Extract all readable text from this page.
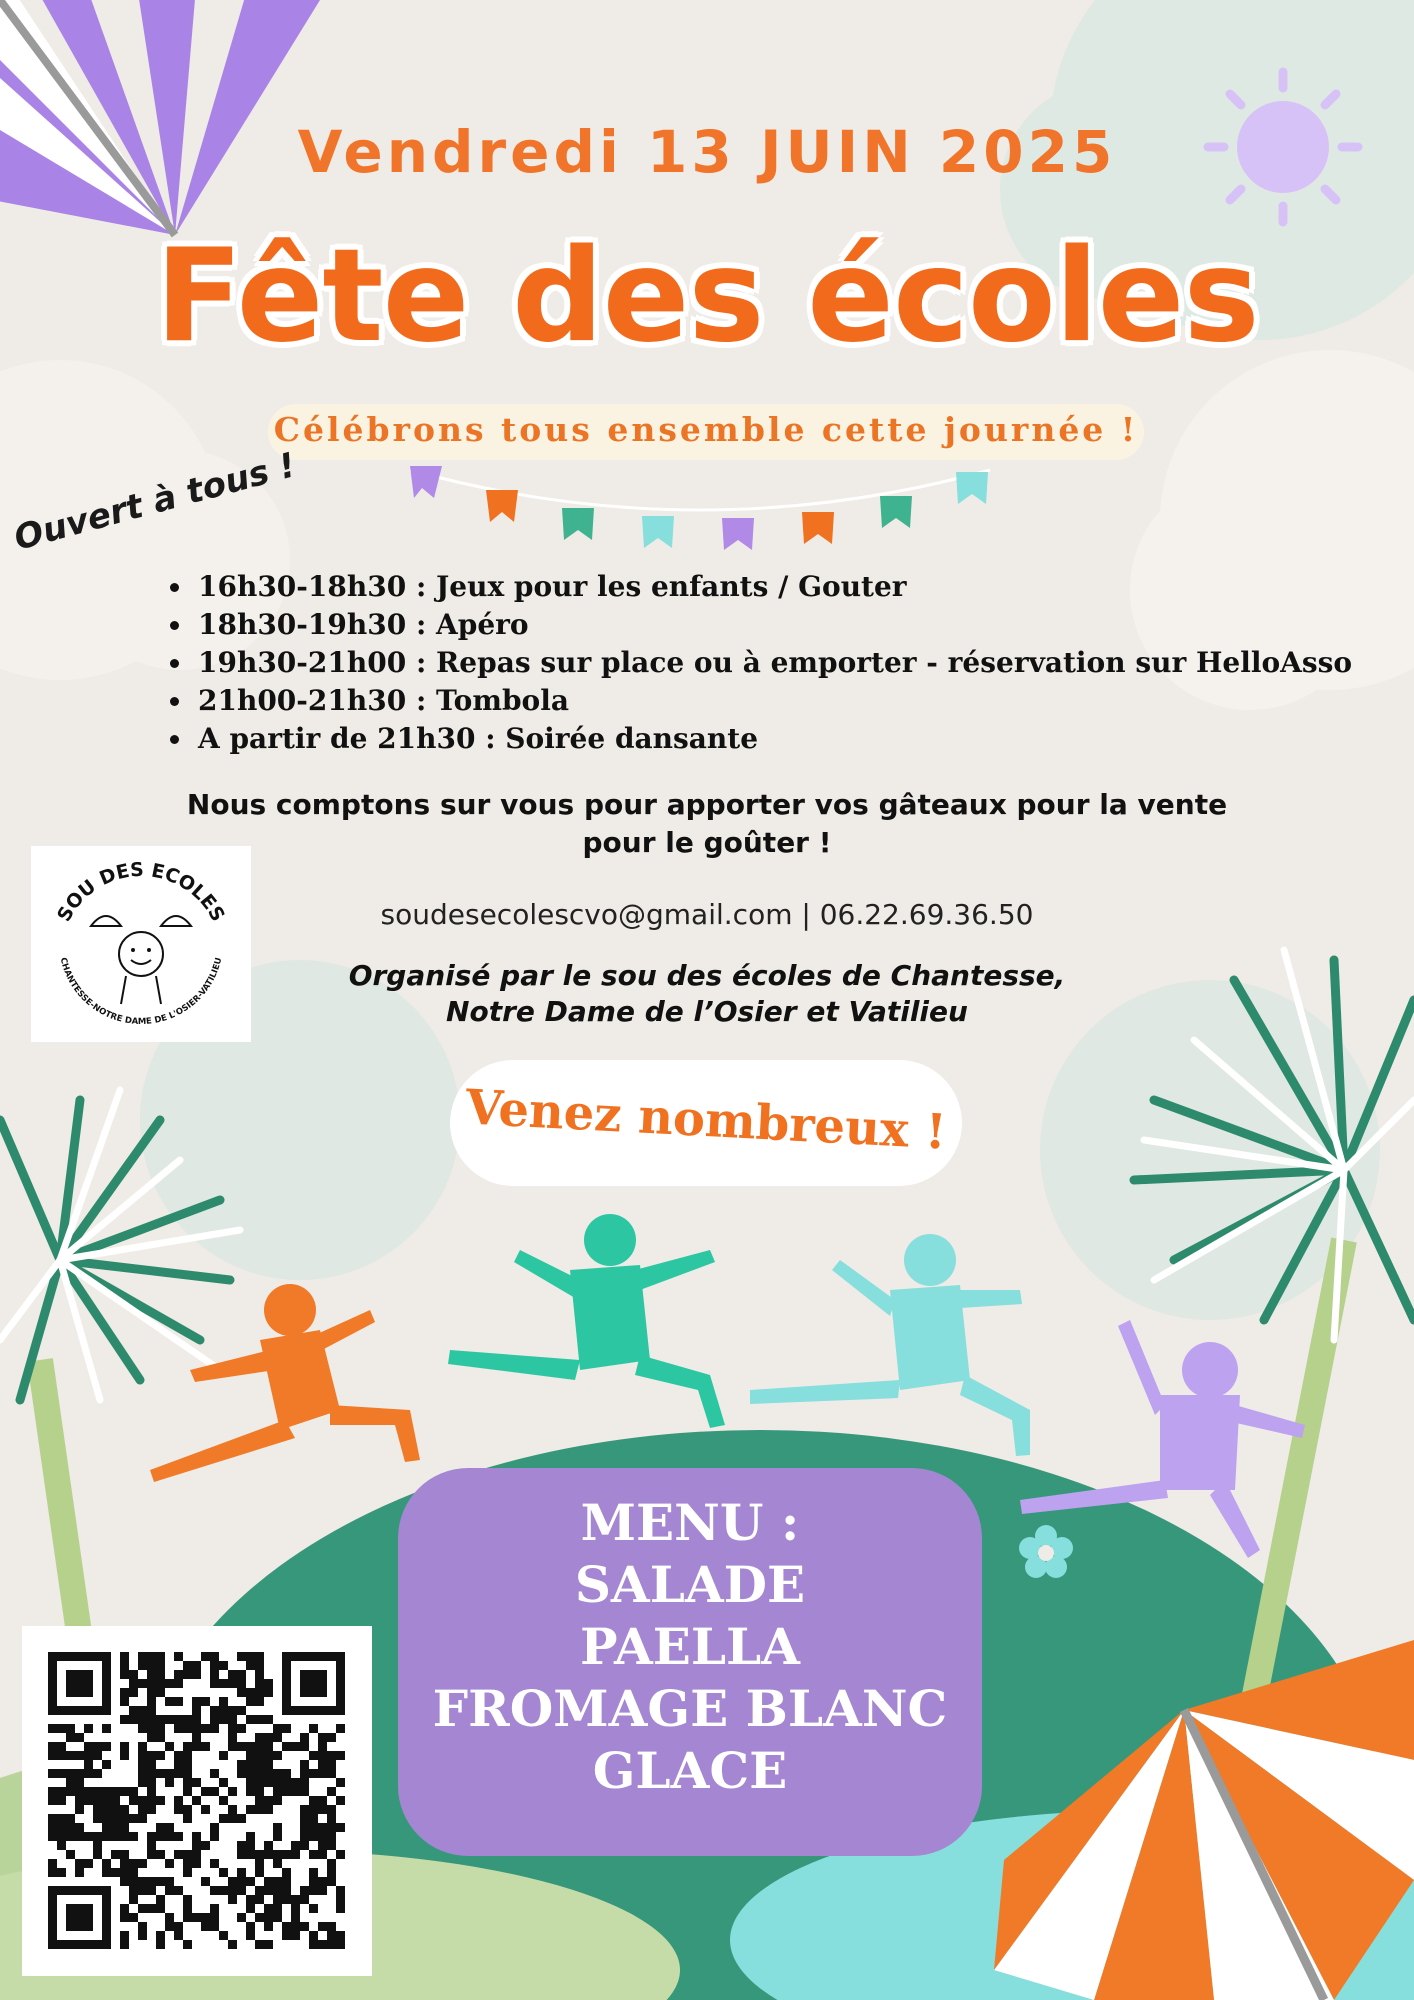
Vendredi 13 JUIN 2025
Fête des écoles
Célébrons tous ensemble cette journée !
Ouvert à tous !
• 16h30-18h30 : Jeux pour les enfants / Gouter
• 18h30-19h30 : Apéro
• 19h30-21h00 : Repas sur place ou à emporter - réservation sur HelloAsso
• 21h00-21h30 : Tombola
• A partir de 21h30 : Soirée dansante
Nous comptons sur vous pour apporter vos gâteaux pour la vente
pour le goûter !
SOU DES ECOLES
CHANTESSE-NOTRE DAME DE L'OSIER-VATILIEU
soudesecolescvo@gmail.com | 06.22.69.36.50
Organisé par le sou des écoles de Chantesse,
Notre Dame de l’Osier et Vatilieu
Venez nombreux !
MENU :
SALADE
PAELLA
FROMAGE BLANC
GLACE
